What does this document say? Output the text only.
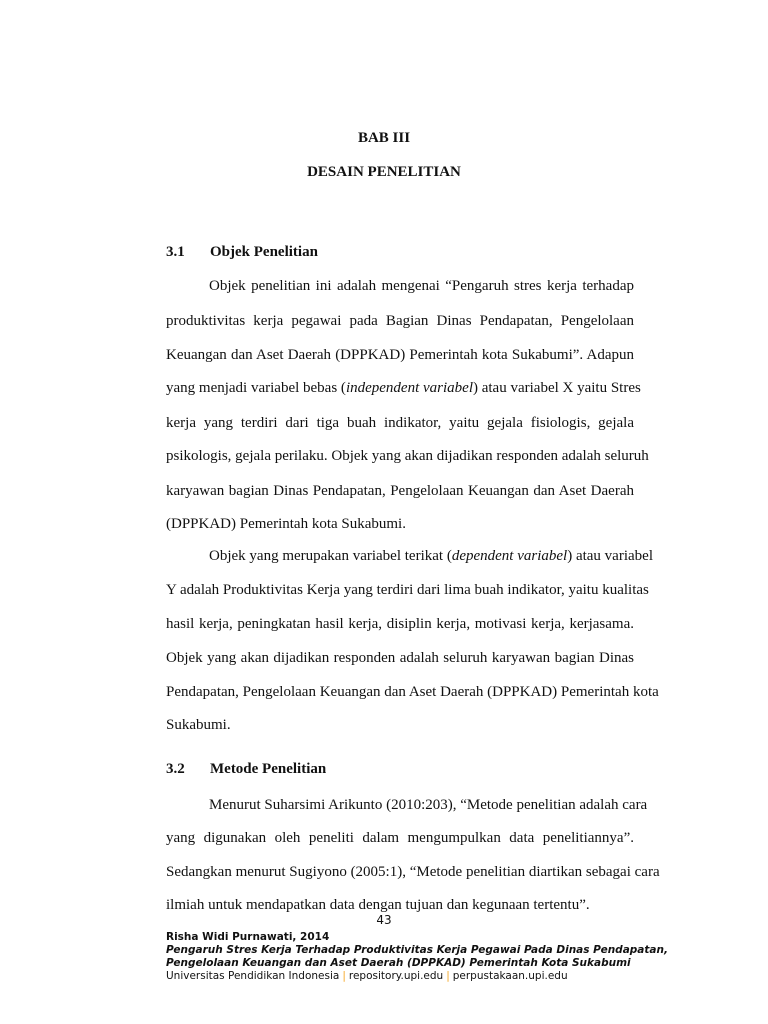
BAB III
DESAIN PENELITIAN
3.1 Objek Penelitian
Objek penelitian ini adalah mengenai “Pengaruh stres kerja terhadap
produktivitas kerja pegawai pada Bagian Dinas Pendapatan, Pengelolaan
Keuangan dan Aset Daerah (DPPKAD) Pemerintah kota Sukabumi”. Adapun
yang menjadi variabel bebas (independent variabel) atau variabel X yaitu Stres
kerja yang terdiri dari tiga buah indikator, yaitu gejala fisiologis, gejala
psikologis, gejala perilaku. Objek yang akan dijadikan responden adalah seluruh
karyawan bagian Dinas Pendapatan, Pengelolaan Keuangan dan Aset Daerah
(DPPKAD) Pemerintah kota Sukabumi.
Objek yang merupakan variabel terikat (dependent variabel) atau variabel
Y adalah Produktivitas Kerja yang terdiri dari lima buah indikator, yaitu kualitas
hasil kerja, peningkatan hasil kerja, disiplin kerja, motivasi kerja, kerjasama.
Objek yang akan dijadikan responden adalah seluruh karyawan bagian Dinas
Pendapatan, Pengelolaan Keuangan dan Aset Daerah (DPPKAD) Pemerintah kota
Sukabumi.
3.2 Metode Penelitian
Menurut Suharsimi Arikunto (2010:203), “Metode penelitian adalah cara
yang digunakan oleh peneliti dalam mengumpulkan data penelitiannya”.
Sedangkan menurut Sugiyono (2005:1), “Metode penelitian diartikan sebagai cara
ilmiah untuk mendapatkan data dengan tujuan dan kegunaan tertentu”.
43
Risha Widi Purnawati, 2014
Pengaruh Stres Kerja Terhadap Produktivitas Kerja Pegawai Pada Dinas Pendapatan,
Pengelolaan Keuangan dan Aset Daerah (DPPKAD) Pemerintah Kota Sukabumi
Universitas Pendidikan Indonesia | repository.upi.edu | perpustakaan.upi.edu
